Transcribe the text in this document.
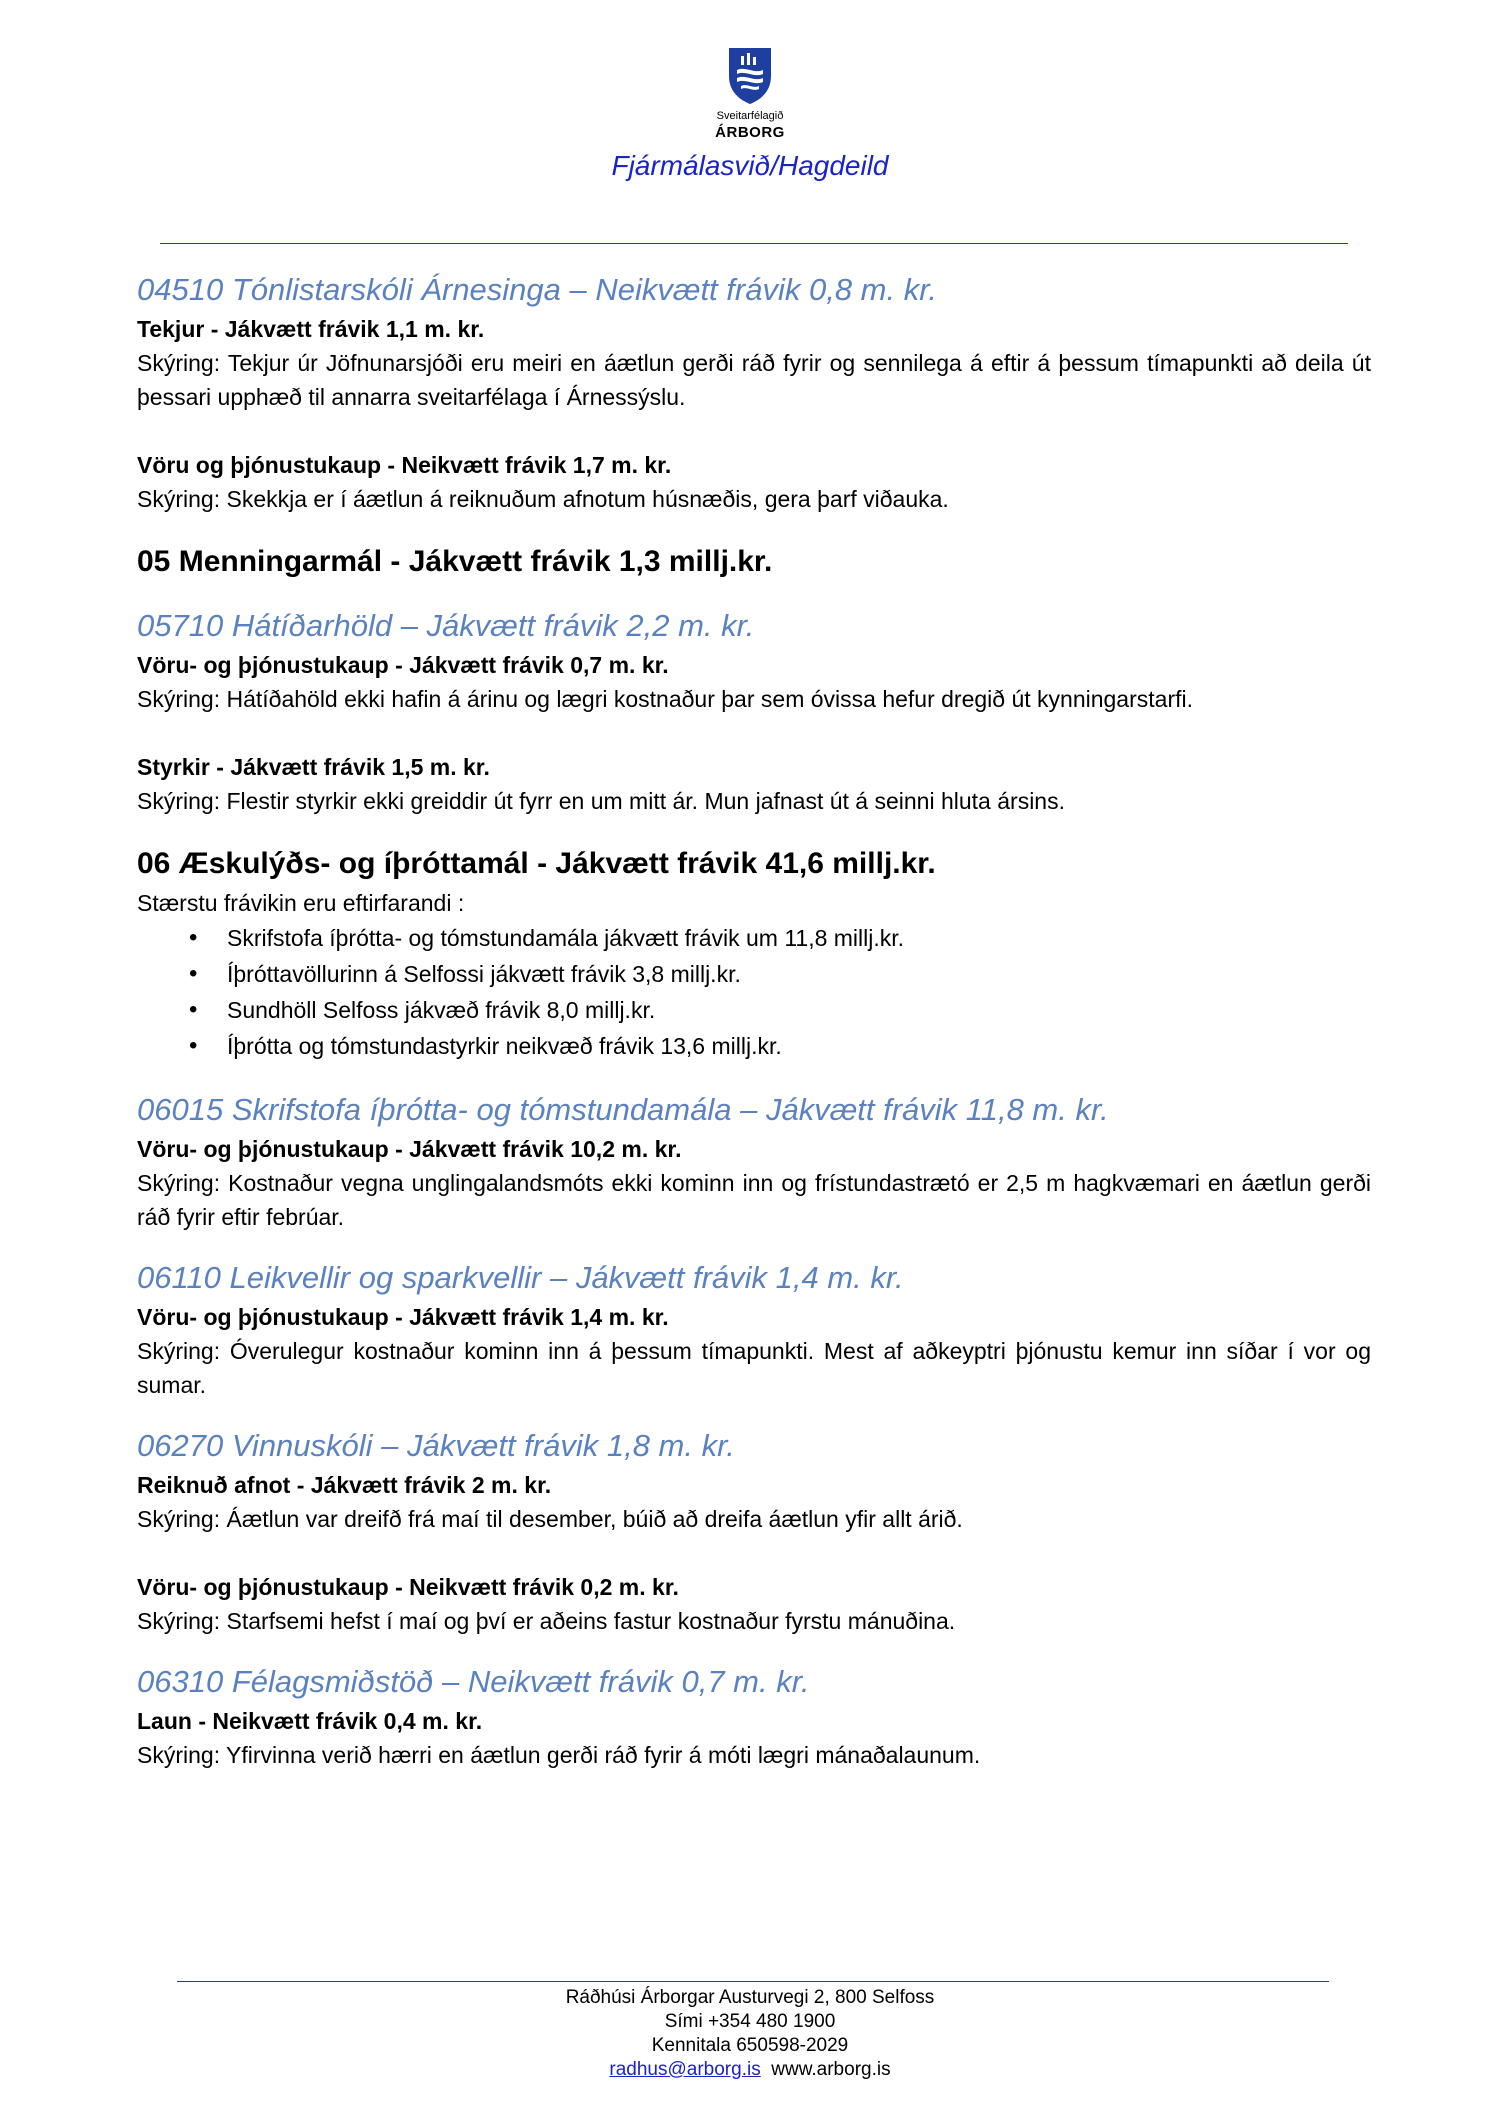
Sveitarfélagið
ÁRBORG
Fjármálasvið/Hagdeild

04510 Tónlistarskóli Árnesinga – Neikvætt frávik 0,8 m. kr.

Tekjur - Jákvætt frávik 1,1 m. kr.

Skýring: Tekjur úr Jöfnunarsjóði eru meiri en áætlun gerði ráð fyrir og sennilega á eftir á þessum tímapunkti að deila út þessari upphæð til annarra sveitarfélaga í Árnessýslu.

Vöru og þjónustukaup - Neikvætt frávik 1,7 m. kr.

Skýring: Skekkja er í áætlun á reiknuðum afnotum húsnæðis, gera þarf viðauka.

05 Menningarmál - Jákvætt frávik 1,3 millj.kr.

05710 Hátíðarhöld – Jákvætt frávik 2,2 m. kr.

Vöru- og þjónustukaup - Jákvætt frávik 0,7 m. kr.

Skýring: Hátíðahöld ekki hafin á árinu og lægri kostnaður þar sem óvissa hefur dregið út kynningarstarfi.

Styrkir - Jákvætt frávik 1,5 m. kr.

Skýring: Flestir styrkir ekki greiddir út fyrr en um mitt ár. Mun jafnast út á seinni hluta ársins.

06 Æskulýðs- og íþróttamál - Jákvætt frávik 41,6 millj.kr.

Stærstu frávikin eru eftirfarandi :

• Skrifstofa íþrótta- og tómstundamála jákvætt frávik um 11,8 millj.kr.
• Íþróttavöllurinn á Selfossi jákvætt frávik 3,8 millj.kr.
• Sundhöll Selfoss jákvæð frávik 8,0 millj.kr.
• Íþrótta og tómstundastyrkir neikvæð frávik 13,6 millj.kr.

06015 Skrifstofa íþrótta- og tómstundamála – Jákvætt frávik 11,8 m. kr.

Vöru- og þjónustukaup - Jákvætt frávik 10,2 m. kr.

Skýring: Kostnaður vegna unglingalandsmóts ekki kominn inn og frístundastrætó er 2,5 m hagkvæmari en áætlun gerði ráð fyrir eftir febrúar.

06110 Leikvellir og sparkvellir – Jákvætt frávik 1,4 m. kr.

Vöru- og þjónustukaup - Jákvætt frávik 1,4 m. kr.

Skýring: Óverulegur kostnaður kominn inn á þessum tímapunkti. Mest af aðkeyptri þjónustu kemur inn síðar í vor og sumar.

06270 Vinnuskóli – Jákvætt frávik 1,8 m. kr.

Reiknuð afnot - Jákvætt frávik 2 m. kr.

Skýring: Áætlun var dreifð frá maí til desember, búið að dreifa áætlun yfir allt árið.

Vöru- og þjónustukaup - Neikvætt frávik 0,2 m. kr.

Skýring: Starfsemi hefst í maí og því er aðeins fastur kostnaður fyrstu mánuðina.

06310 Félagsmiðstöð – Neikvætt frávik 0,7 m. kr.

Laun - Neikvætt frávik 0,4 m. kr.

Skýring: Yfirvinna verið hærri en áætlun gerði ráð fyrir á móti lægri mánaðalaunum.

Ráðhúsi Árborgar Austurvegi 2, 800 Selfoss
Sími +354 480 1900
Kennitala 650598-2029
radhus@arborg.is www.arborg.is
